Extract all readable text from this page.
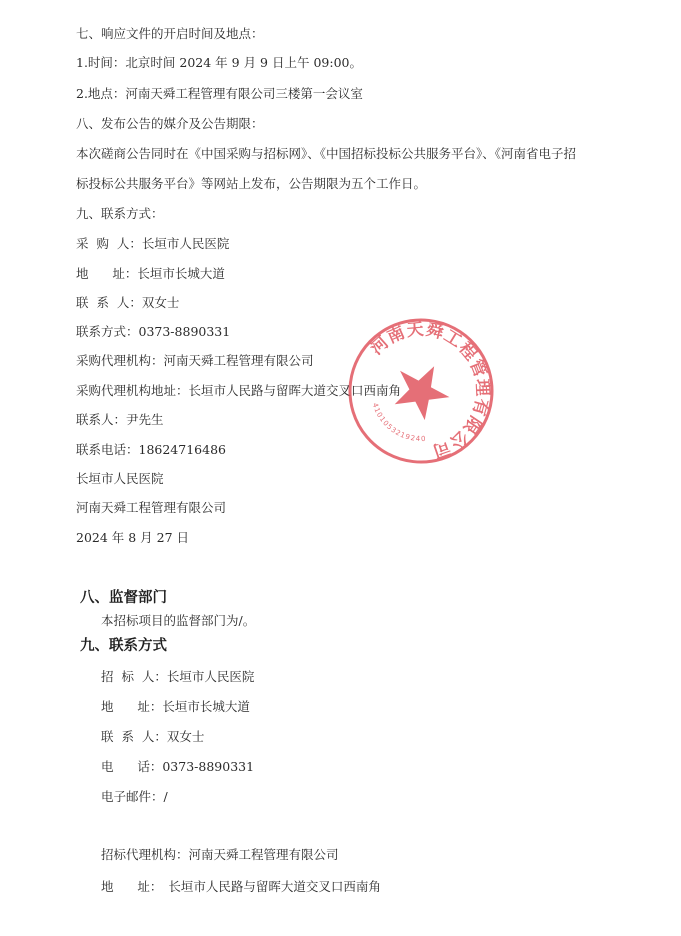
七、响应文件的开启时间及地点：
1.时间：北京时间 2024 年 9 月 9 日上午 09:00。
2.地点：河南天舜工程管理有限公司三楼第一会议室
八、发布公告的媒介及公告期限：
本次磋商公告同时在《中国采购与招标网》、《中国招标投标公共服务平台》、《河南省电子招
标投标公共服务平台》等网站上发布，公告期限为五个工作日。
九、联系方式：
采  购  人：长垣市人民医院
地      址：长垣市长城大道
联  系  人：双女士
联系方式：0373-8890331
采购代理机构：河南天舜工程管理有限公司
采购代理机构地址：长垣市人民路与留晖大道交叉口西南角
联系人：尹先生
联系电话：18624716486
长垣市人民医院
河南天舜工程管理有限公司
2024 年 8 月 27 日
河南天舜工程管理有限公司
4101053219240
八、监督部门
本招标项目的监督部门为/。
九、联系方式
招  标  人：长垣市人民医院
地      址：长垣市长城大道
联  系  人：双女士
电      话：0373-8890331
电子邮件：/
招标代理机构：河南天舜工程管理有限公司
地      址： 长垣市人民路与留晖大道交叉口西南角
